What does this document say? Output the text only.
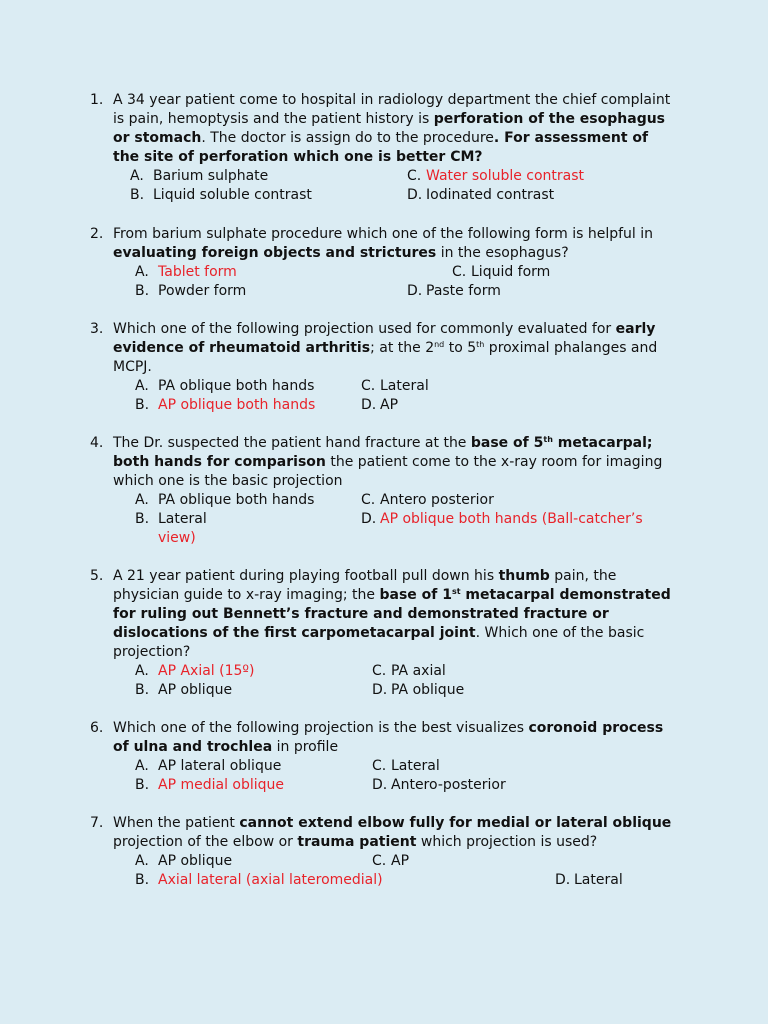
1. A 34 year patient come to hospital in radiology department the chief complaint is pain, hemoptysis and the patient history is perforation of the esophagus or stomach. The doctor is assign do to the procedure. For assessment of the site of perforation which one is better CM?
A. Barium sulphate
B. Liquid soluble contrast
C. Water soluble contrast
D. Iodinated contrast
2. From barium sulphate procedure which one of the following form is helpful in evaluating foreign objects and strictures in the esophagus?
A. Tablet form
B. Powder form
C. Liquid form
D. Paste form
3. Which one of the following projection used for commonly evaluated for early evidence of rheumatoid arthritis; at the 2nd to 5th proximal phalanges and MCPJ.
A. PA oblique both hands
B. AP oblique both hands
C. Lateral
D. AP
4. The Dr. suspected the patient hand fracture at the base of 5th metacarpal; both hands for comparison the patient come to the x-ray room for imaging which one is the basic projection
A. PA oblique both hands
B. Lateral
C. Antero posterior
D. AP oblique both hands (Ball-catcher’s
view)
5. A 21 year patient during playing football pull down his thumb pain, the physician guide to x-ray imaging; the base of 1st metacarpal demonstrated for ruling out Bennett’s fracture and demonstrated fracture or dislocations of the first carpometacarpal joint. Which one of the basic projection?
A. AP Axial (15º)
B. AP oblique
C. PA axial
D. PA oblique
6. Which one of the following projection is the best visualizes coronoid process of ulna and trochlea in profile
A. AP lateral oblique
B. AP medial oblique
C. Lateral
D. Antero-posterior
7. When the patient cannot extend elbow fully for medial or lateral oblique projection of the elbow or trauma patient which projection is used?
A. AP oblique
B. Axial lateral (axial lateromedial)
C. AP
D. Lateral
